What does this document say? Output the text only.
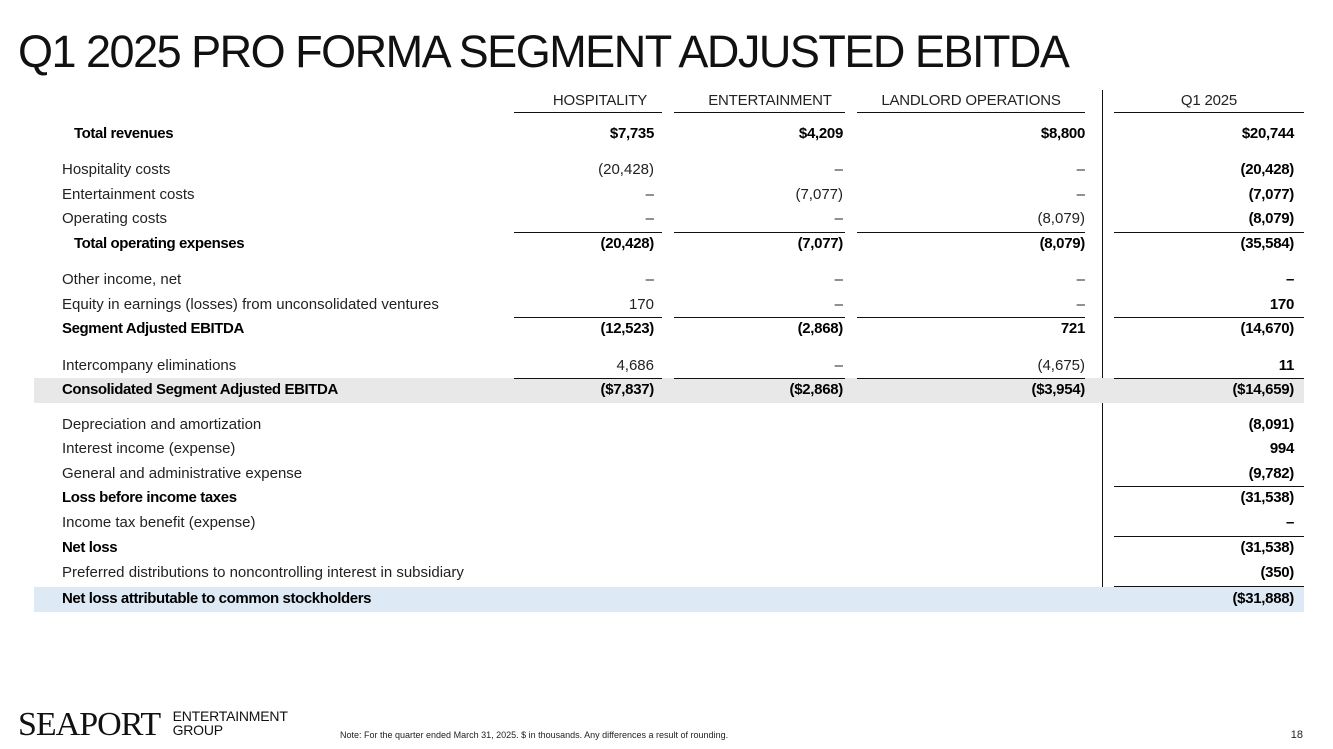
Q1 2025 PRO FORMA SEGMENT ADJUSTED EBITDA
HOSPITALITY	ENTERTAINMENT	LANDLORD OPERATIONS	Q1 2025
Total revenues	$7,735	$4,209	$8,800	$20,744
Hospitality costs	(20,428)	–	–	(20,428)
Entertainment costs	–	(7,077)	–	(7,077)
Operating costs	–	–	(8,079)	(8,079)
Total operating expenses	(20,428)	(7,077)	(8,079)	(35,584)
Other income, net	–	–	–	–
Equity in earnings (losses) from unconsolidated ventures	170	–	–	170
Segment Adjusted EBITDA	(12,523)	(2,868)	721	(14,670)
Intercompany eliminations	4,686	–	(4,675)	11
Consolidated Segment Adjusted EBITDA	($7,837)	($2,868)	($3,954)	($14,659)
Depreciation and amortization	(8,091)
Interest income (expense)	994
General and administrative expense	(9,782)
Loss before income taxes	(31,538)
Income tax benefit (expense)	–
Net loss	(31,538)
Preferred distributions to noncontrolling interest in subsidiary	(350)
Net loss attributable to common stockholders	($31,888)
SEAPORT ENTERTAINMENT
GROUP	Note: For the quarter ended March 31, 2025. $ in thousands. Any differences a result of rounding.	18
